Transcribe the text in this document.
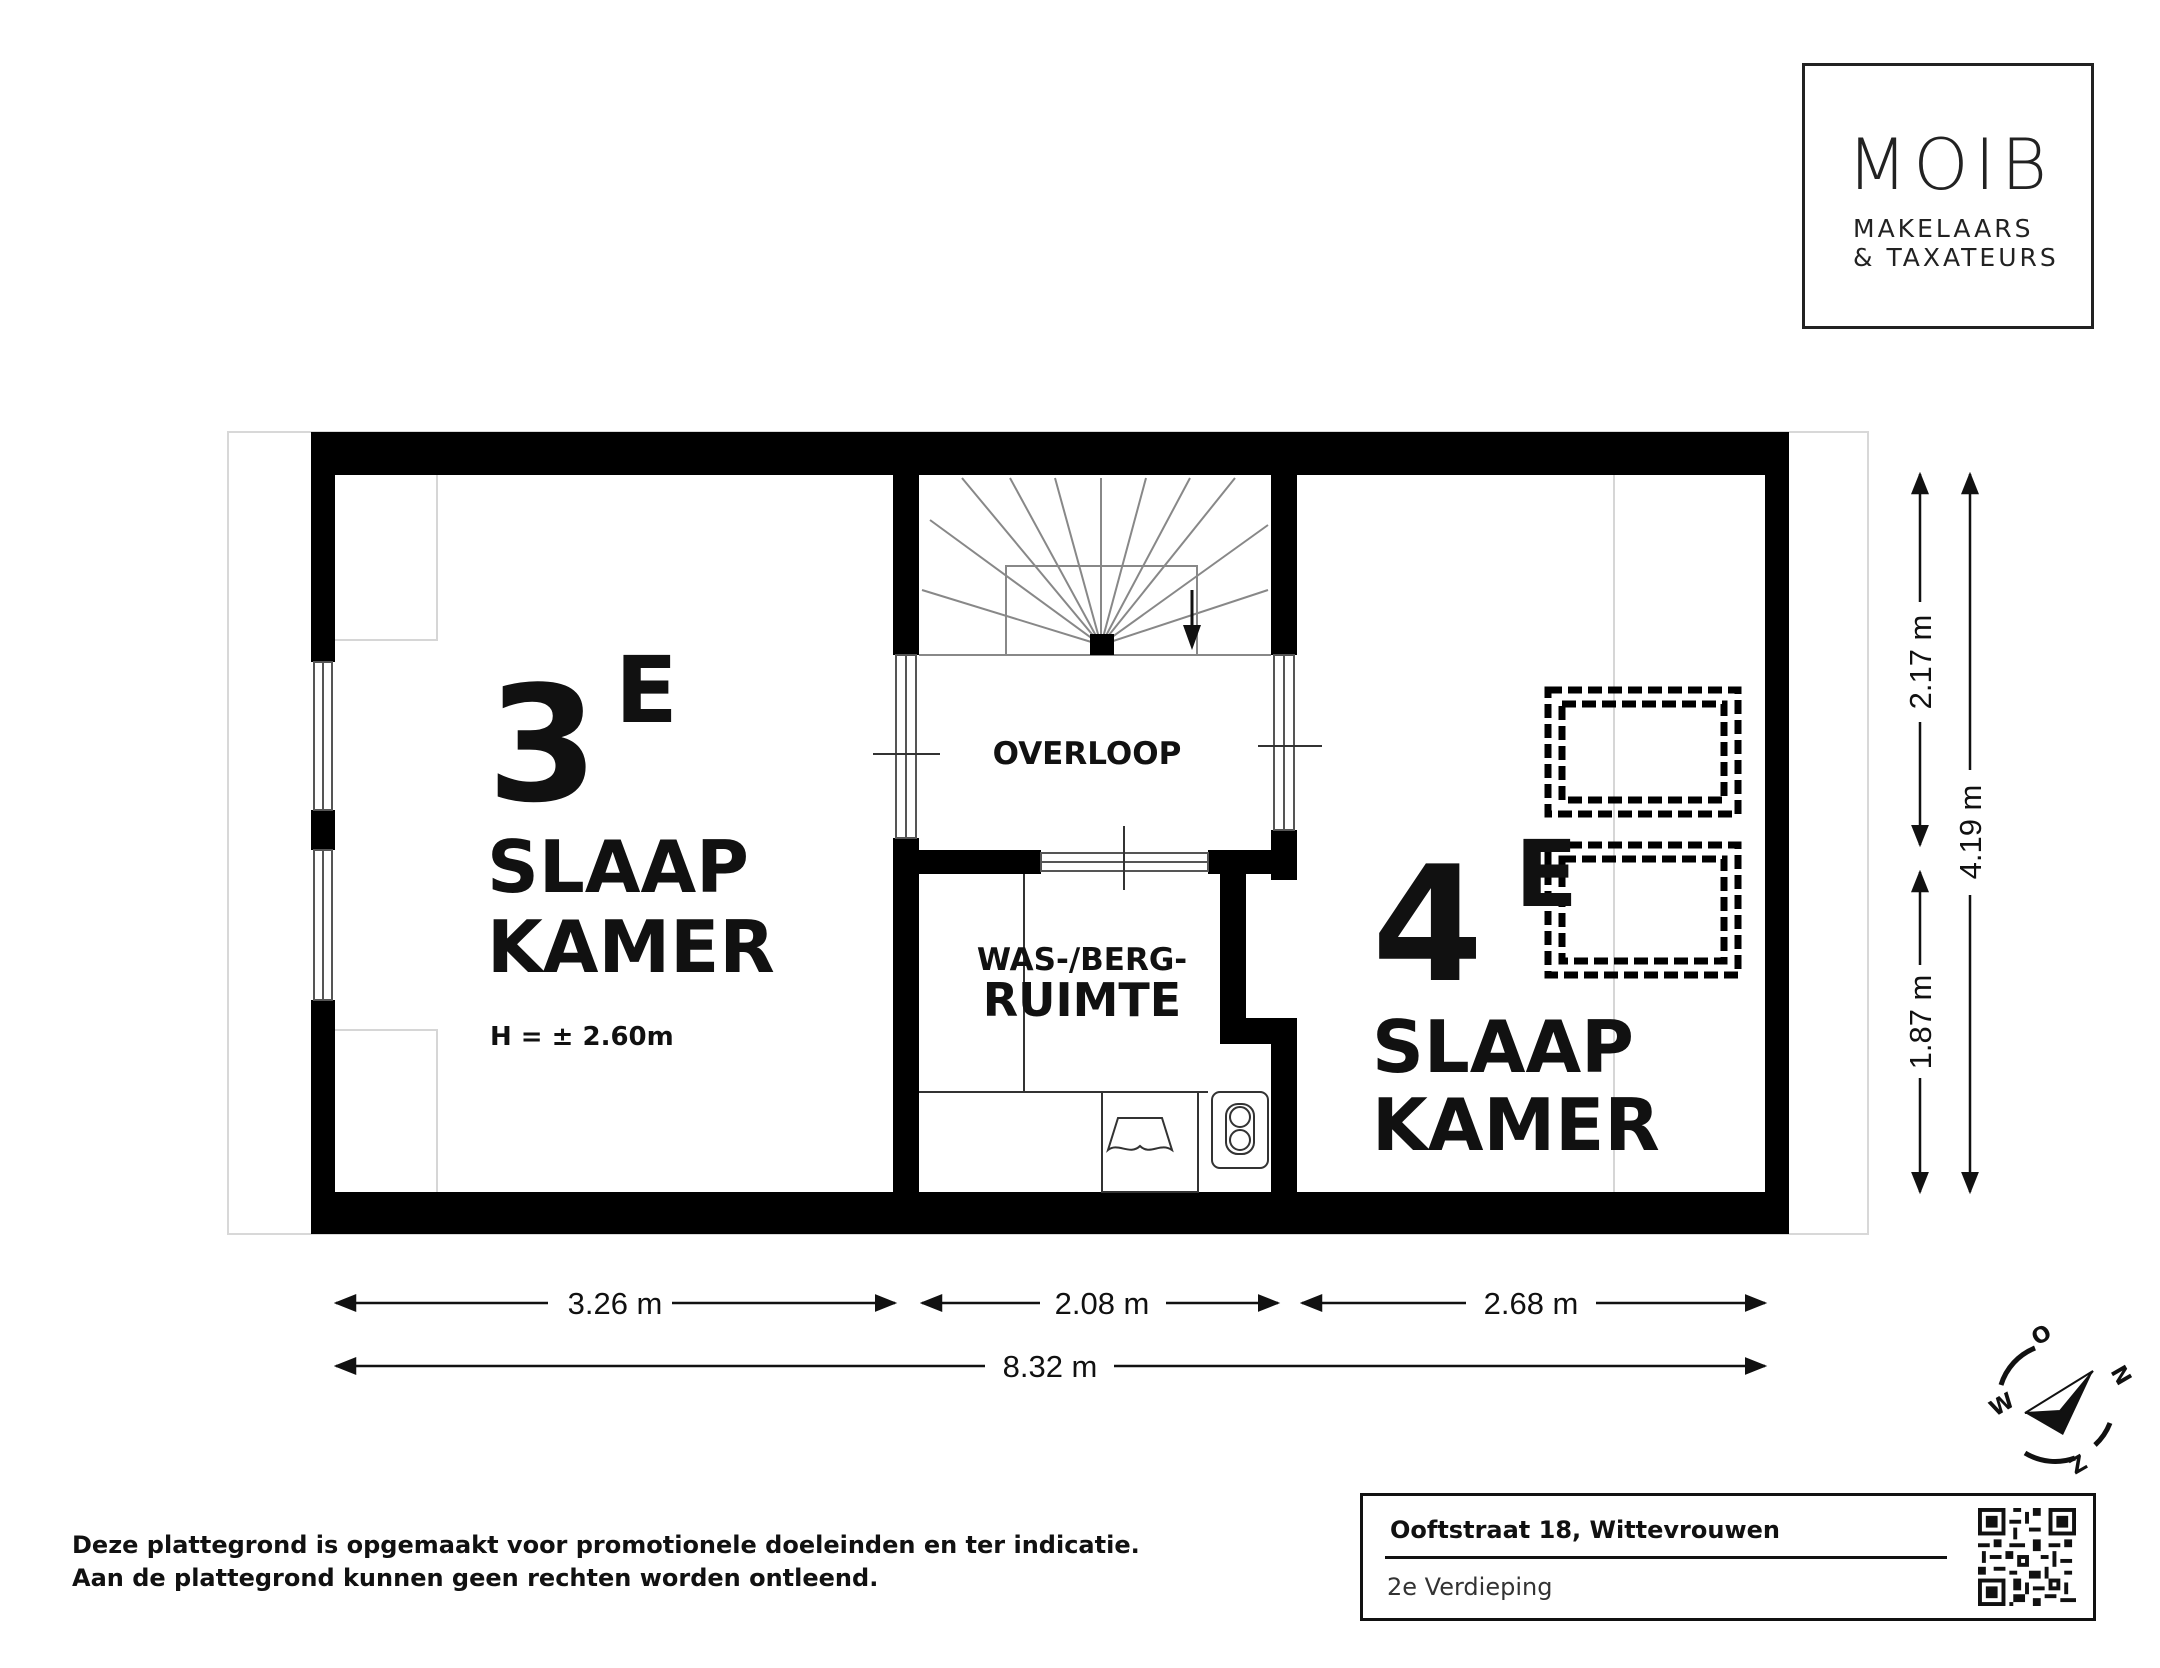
MOIB
MAKELAARS
& TAXATEURS
3 E
SLAAP
KAMER
H = ± 2.60m
OVERLOOP
WAS-/BERG-
RUIMTE 4 E
SLAAP
KAMER
3.26 m	2.08 m	2.68 m
8.32 m
2.17 m
1.87 m
4.19 m
W
O
N
Z
Deze plattegrond is opgemaakt voor promotionele doeleinden en ter indicatie.
Aan de plattegrond kunnen geen rechten worden ontleend.
Ooftstraat 18, Wittevrouwen
2e Verdieping
